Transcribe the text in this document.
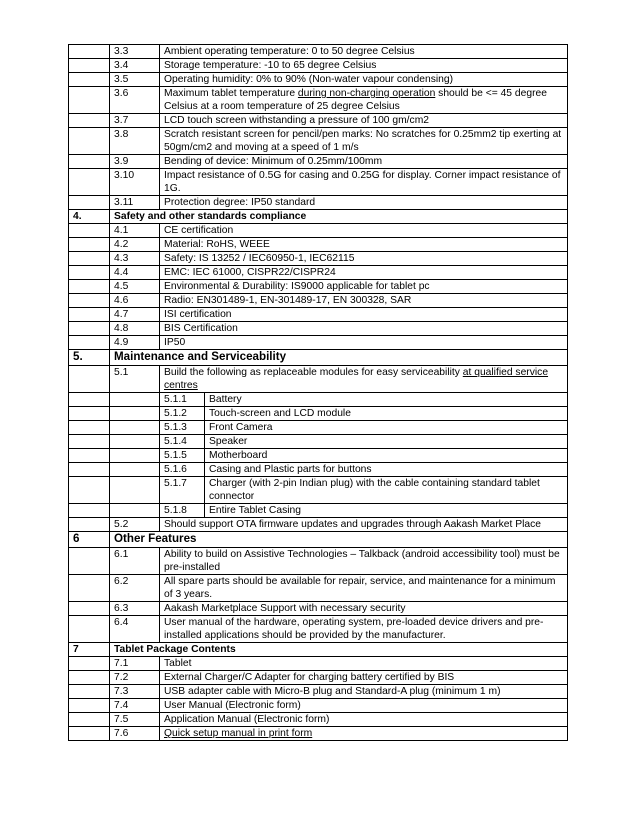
	3.3	Ambient operating temperature: 0 to 50 degree Celsius
	3.4	Storage temperature: -10 to 65 degree Celsius
	3.5	Operating humidity: 0% to 90% (Non-water vapour condensing)
	3.6	Maximum tablet temperature during non-charging operation should be <= 45 degree Celsius at a room temperature of 25 degree Celsius
	3.7	LCD touch screen withstanding a pressure of 100 gm/cm2
	3.8	Scratch resistant screen for pencil/pen marks: No scratches for 0.25mm2 tip exerting at 50gm/cm2 and moving at a speed of 1 m/s
	3.9	Bending of device: Minimum of 0.25mm/100mm
	3.10	Impact resistance of 0.5G for casing and 0.25G for display. Corner impact resistance of 1G.
	3.11	Protection degree: IP50 standard
4.	Safety and other standards compliance
	4.1	CE certification
	4.2	Material: RoHS, WEEE
	4.3	Safety: IS 13252 / IEC60950-1, IEC62115
	4.4	EMC: IEC 61000, CISPR22/CISPR24
	4.5	Environmental & Durability: IS9000 applicable for tablet pc
	4.6	Radio: EN301489-1, EN-301489-17, EN 300328, SAR
	4.7	ISI certification
	4.8	BIS Certification
	4.9	IP50
5.	Maintenance and Serviceability
	5.1	Build the following as replaceable modules for easy serviceability at qualified service centres

5.1.1	Battery

5.1.2	Touch-screen and LCD module

5.1.3	Front Camera

5.1.4	Speaker

5.1.5	Motherboard

5.1.6	Casing and Plastic parts for buttons

5.1.7	Charger (with 2-pin Indian plug) with the cable containing standard tablet connector

5.1.8	Entire Tablet Casing

	5.2	Should support OTA firmware updates and upgrades through Aakash Market Place
6	Other Features
	6.1	Ability to build on Assistive Technologies – Talkback (android accessibility tool) must be pre-installed
	6.2	All spare parts should be available for repair, service, and maintenance for a minimum of 3 years.
	6.3	Aakash Marketplace Support with necessary security
	6.4	User manual of the hardware, operating system, pre-loaded device drivers and pre-installed applications should be provided by the manufacturer.
7	Tablet Package Contents
	7.1	Tablet
	7.2	External Charger/C Adapter for charging battery certified by BIS
	7.3	USB adapter cable with Micro-B plug and Standard-A plug (minimum 1 m)
	7.4	User Manual (Electronic form)
	7.5	Application Manual (Electronic form)
	7.6	Quick setup manual in print form
